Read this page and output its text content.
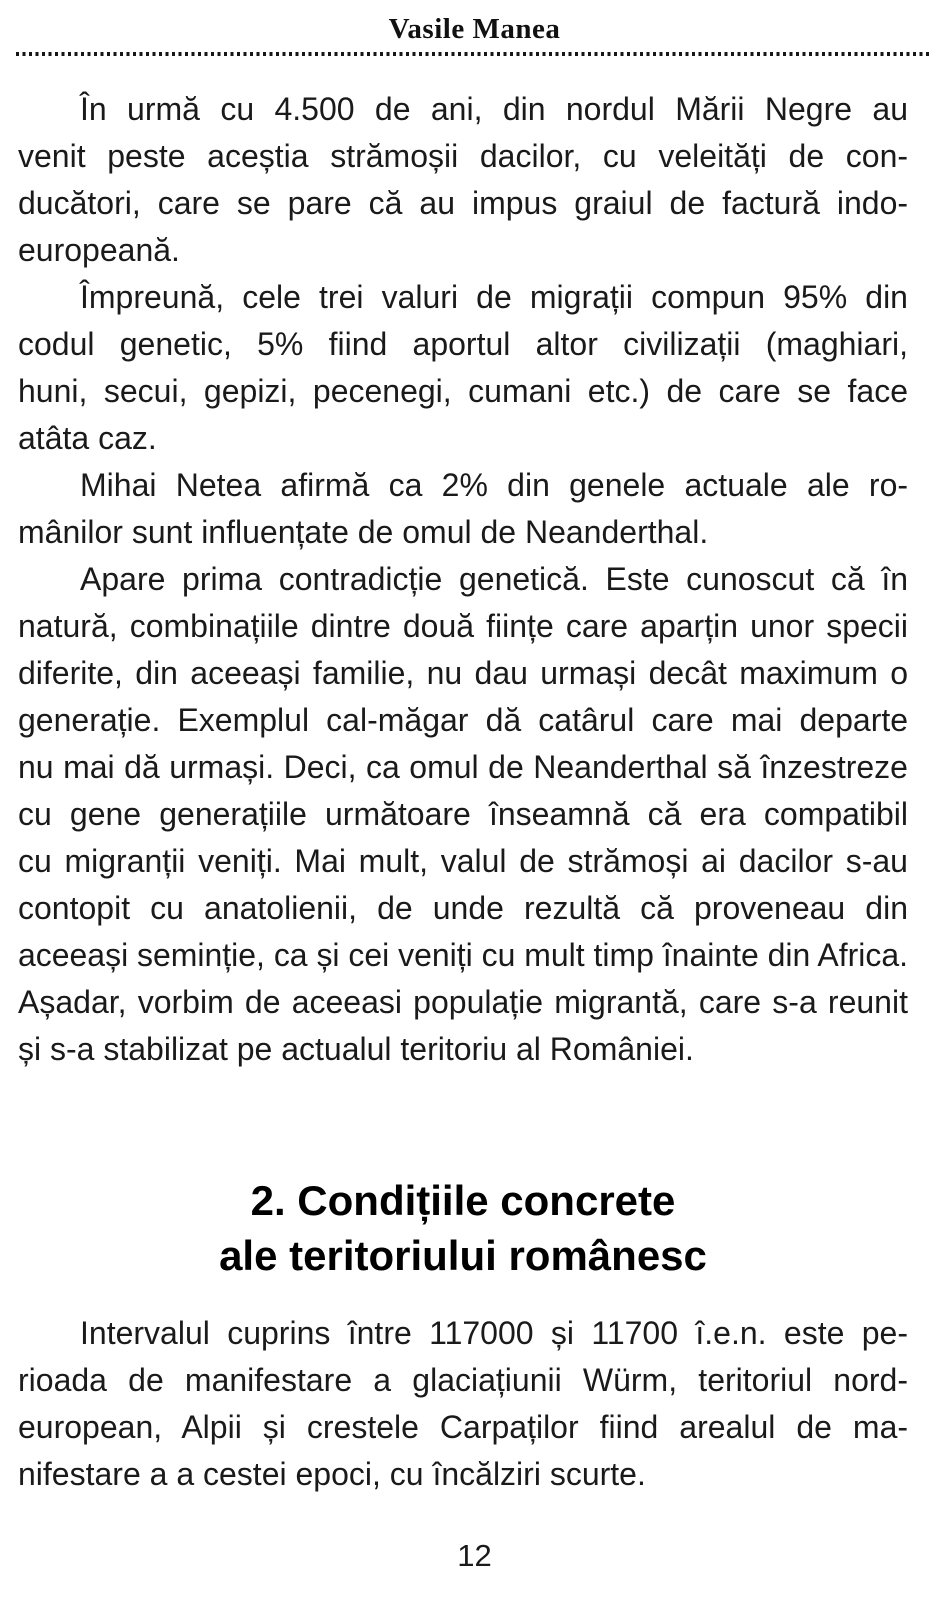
Vasile Manea
În urmă cu 4.500 de ani, din nordul Mării Negre au
venit peste aceștia strămoșii dacilor, cu veleități de con-
ducători, care se pare că au impus graiul de factură indo-
europeană.
Împreună, cele trei valuri de migrații compun 95% din
codul genetic, 5% fiind aportul altor civilizații (maghiari,
huni, secui, gepizi, pecenegi, cumani etc.) de care se face
atâta caz.
Mihai Netea afirmă ca 2% din genele actuale ale ro-
mânilor sunt influențate de omul de Neanderthal.
Apare prima contradicție genetică. Este cunoscut că în
natură, combinațiile dintre două ființe care aparțin unor specii
diferite, din aceeași familie, nu dau urmași decât maximum o
generație. Exemplul cal-măgar dă catârul care mai departe
nu mai dă urmași. Deci, ca omul de Neanderthal să înzestreze
cu gene generațiile următoare înseamnă că era compatibil
cu migranții veniți. Mai mult, valul de strămoși ai dacilor s-au
contopit cu anatolienii, de unde rezultă că proveneau din
aceeași seminție, ca și cei veniți cu mult timp înainte din Africa.
Așadar, vorbim de aceeasi populație migrantă, care s-a reunit
și s-a stabilizat pe actualul teritoriu al României.
2. Condițiile concrete
ale teritoriului românesc
Intervalul cuprins între 117000 și 11700 î.e.n. este pe-
rioada de manifestare a glaciațiunii Würm, teritoriul nord-
european, Alpii și crestele Carpaților fiind arealul de ma-
nifestare a a cestei epoci, cu încălziri scurte.
12
